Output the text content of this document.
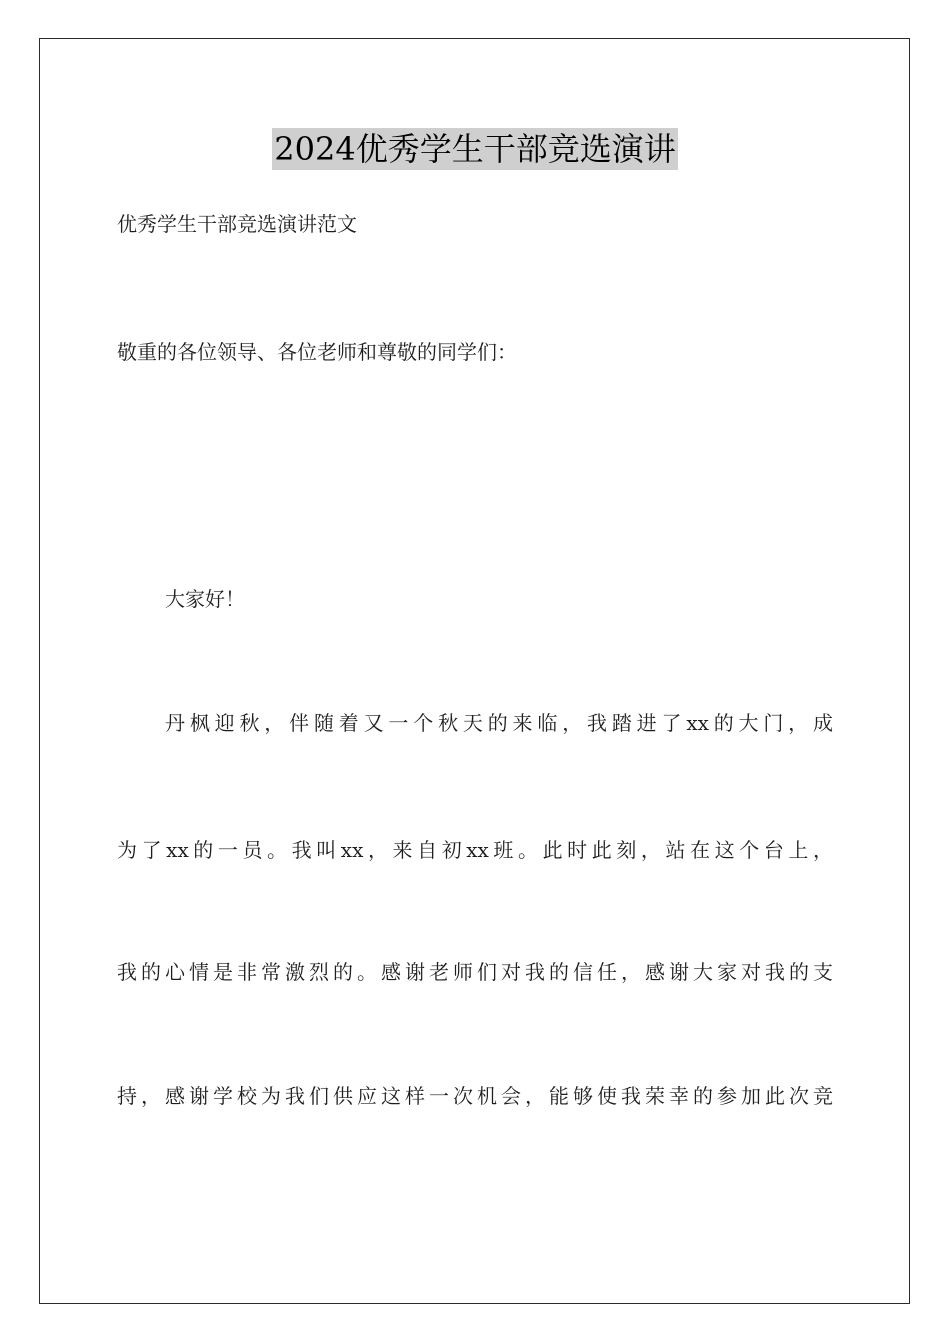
2024优秀学生干部竞选演讲
优秀学生干部竞选演讲范文
敬重的各位领导、各位老师和尊敬的同学们：
大家好！
丹枫迎秋，伴随着又一个秋天的来临，我踏进了xx的大门，成
为了xx的一员。我叫xx，来自初xx班。此时此刻，站在这个台上，
我的心情是非常激烈的。感谢老师们对我的信任，感谢大家对我的支
持，感谢学校为我们供应这样一次机会，能够使我荣幸的参加此次竞
